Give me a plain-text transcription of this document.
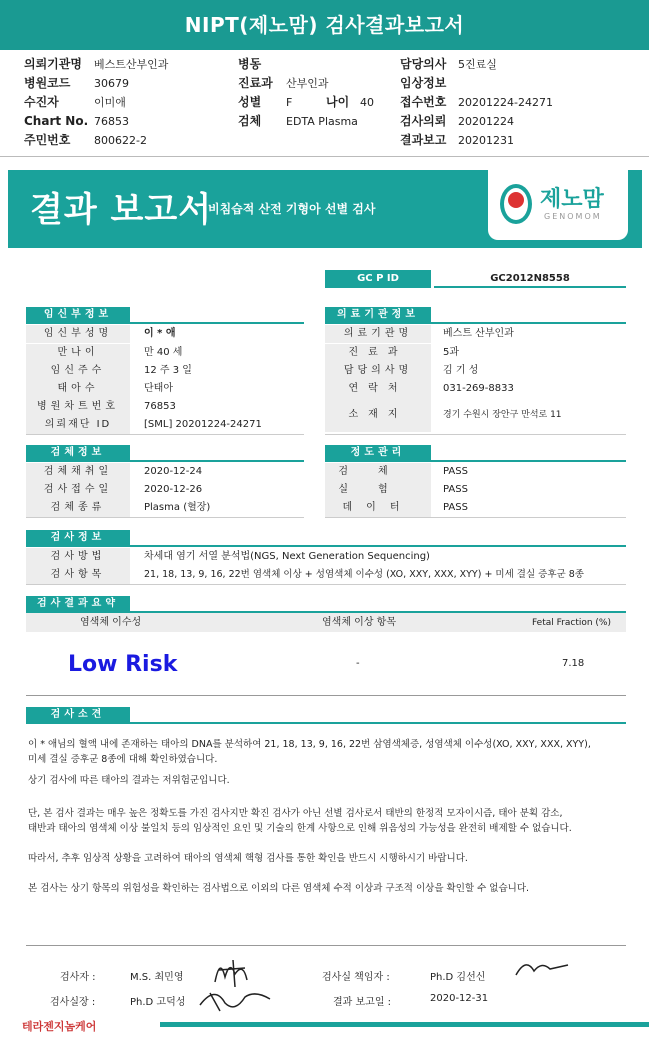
NIPT(제노맘) 검사결과보고서
의뢰기관명 베스트산부인과
병원코드 30679
수진자	이미애
Chart No. 76853
주민번호 800622-2
병동
진료과 산부인과
성별 F	나이 40
검체 EDTA Plasma
담당의사 5진료실
임상정보
접수번호 20201224-24271
검사의뢰 20201224
결과보고 20201231
결과 보고서
비침습적 산전 기형아 선별 검사	제노맘
GENOMOM
GC P ID	GC2012N8558
임신부정보
임신부성명	이 * 애
만나이	만 40 세
임신주수	12 주 3 일
태아수	단태아
병원차트번호	76853
의뢰재단 ID	[SML] 20201224-24271
의료기관정보
의료기관명	베스트 산부인과
진료과	5과
담당의사명	김 기 성
연락처	031-269-8833
소재지	경기 수원시 장안구 만석로 11
검체정보
검체채취일	2020-12-24
검사접수일	2020-12-26
검체종류	Plasma (혈장)
정도관리
검체	PASS
실험	PASS
데이터	PASS
검사정보
검사방법	차세대 염기 서열 분석법(NGS, Next Generation Sequencing)
검사항목	21, 18, 13, 9, 16, 22번 염색체 이상 + 성염색체 이수성 (XO, XXY, XXX, XYY) + 미세 결실 증후군 8종
검사결과요약
염색체 이수성	염색체 이상 항목	Fetal Fraction (%)
Low Risk	-	7.18
검사소견
이 * 애님의 혈액 내에 존재하는 태아의 DNA를 분석하여 21, 18, 13, 9, 16, 22번 삼염색체증, 성염색체 이수성(XO, XXY, XXX, XYY),
미세 결실 증후군 8종에 대해 확인하였습니다.
상기 검사에 따른 태아의 결과는 저위험군입니다.
단, 본 검사 결과는 매우 높은 정확도를 가진 검사지만 확진 검사가 아닌 선별 검사로서 태반의 한정적 모자이시즘, 태아 분획 감소,
태반과 태아의 염색체 이상 불일치 등의 임상적인 요인 및 기술의 한계 사항으로 인해 위음성의 가능성을 완전히 배제할 수 없습니다.
따라서, 추후 임상적 상황을 고려하여 태아의 염색체 핵형 검사를 통한 확인을 반드시 시행하시기 바랍니다.
본 검사는 상기 항목의 위험성을 확인하는 검사법으로 이외의 다른 염색체 수적 이상과 구조적 이상을 확인할 수 없습니다.
검사자 :	M.S. 최민영
검사실장 :	Ph.D 고덕성
검사실 책임자 :	Ph.D 김선신
결과 보고일 :	2020-12-31
테라젠지놈케어
